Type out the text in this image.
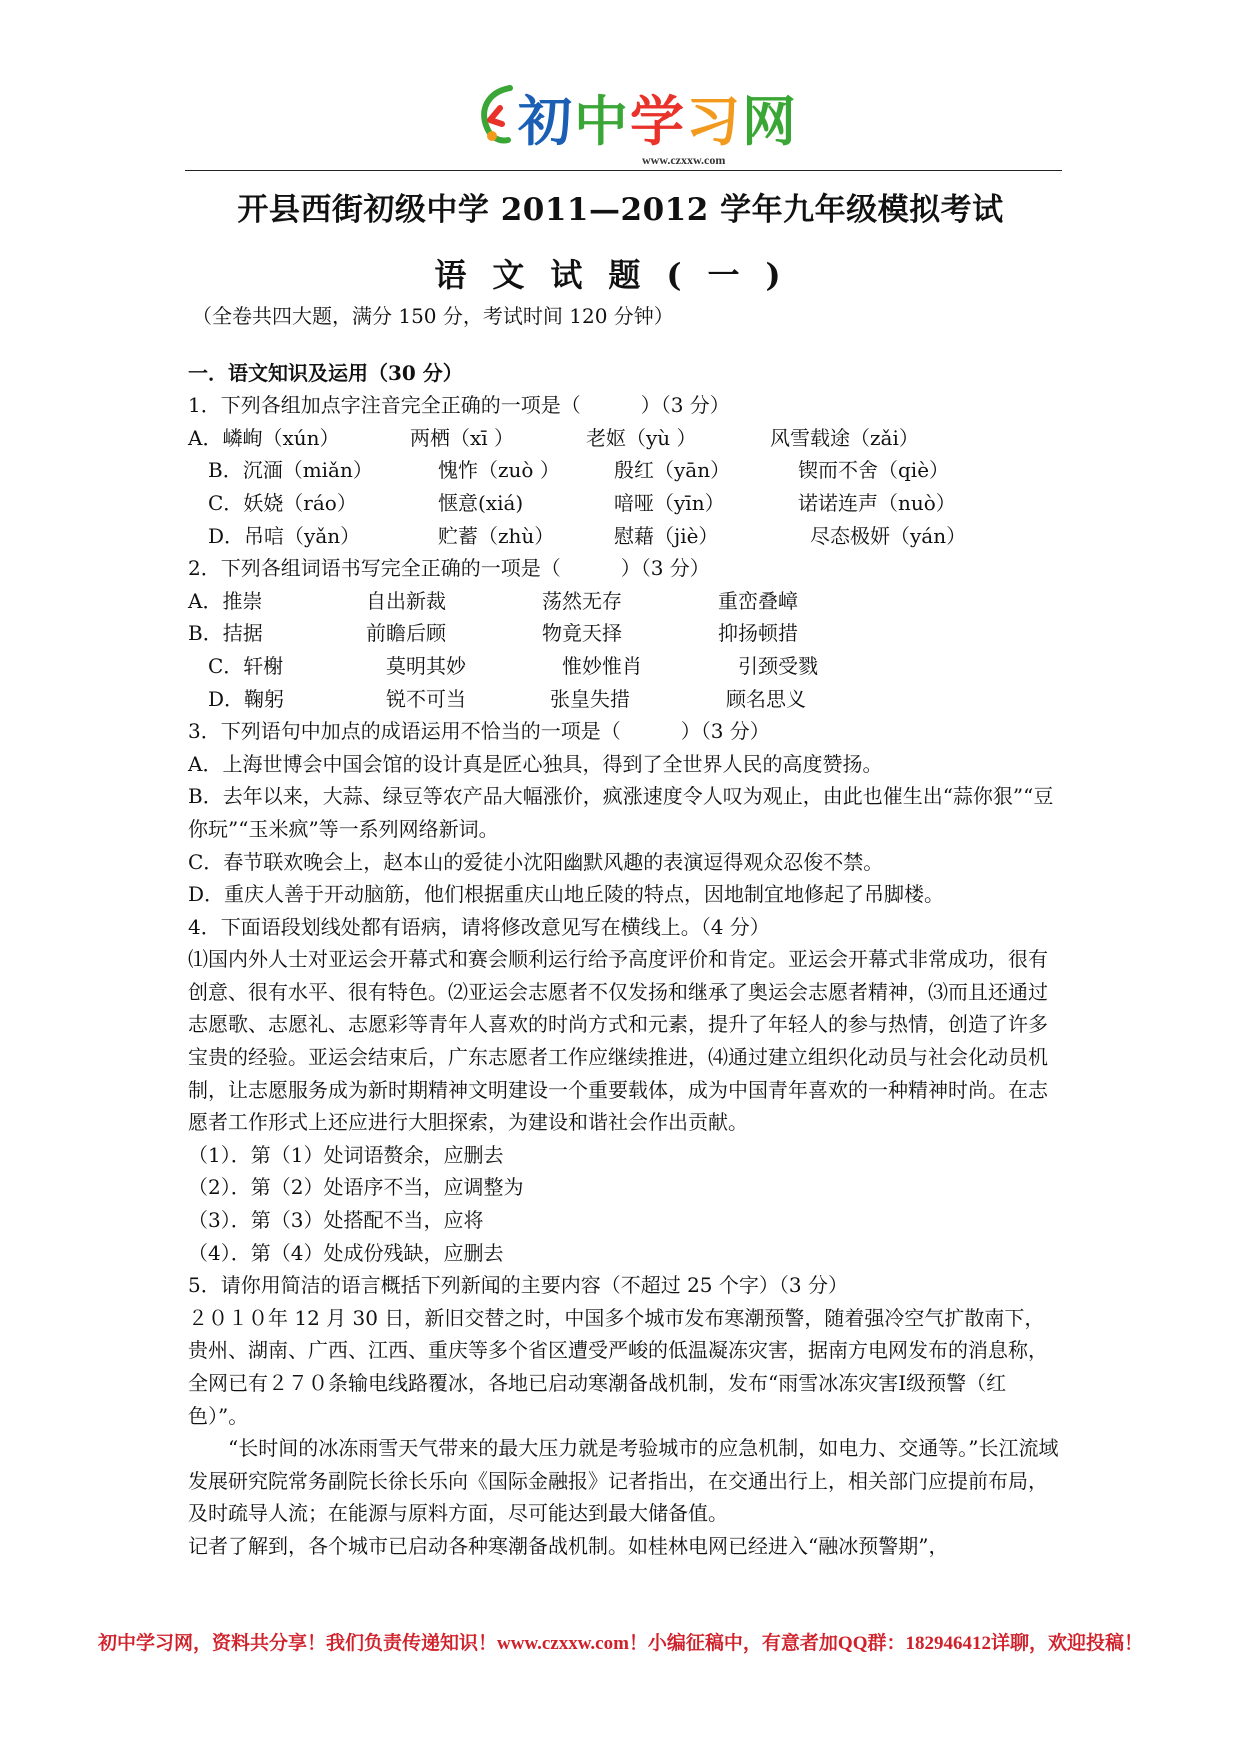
初 中 学 习 网
www.czxxw.com
开县西街初级中学 2011—2012 学年九年级模拟考试
语文试题(一)
（全卷共四大题，满分 150 分，考试时间 120 分钟）
一．语文知识及运用（30 分）
1．下列各组加点字注音完全正确的一项是（　　　）（3 分）
A．嶙峋（xún）	两栖（xī ）	老妪（yù ）	风雪载途（zǎi）
B．沉湎（miǎn）	愧怍（zuò ）	殷红（yān）	锲而不舍（qiè）
C．妖娆（ráo）	惬意(xiá)	喑哑（yīn）	诺诺连声（nuò）
D．吊唁（yǎn）	贮蓄（zhù）	慰藉（jiè）	尽态极妍（yán）
2．下列各组词语书写完全正确的一项是（　　　）（3 分）
A．推崇	自出新裁	荡然无存	重峦叠嶂
B．拮据	前瞻后顾	物竟天择	抑扬顿措
C．轩榭	莫明其妙	惟妙惟肖	引颈受戮
D．鞠躬	锐不可当	张皇失措	顾名思义
3．下列语句中加点的成语运用不恰当的一项是（　　　）（3 分）
A．上海世博会中国会馆的设计真是匠心独具，得到了全世界人民的高度赞扬。
B．去年以来，大蒜、绿豆等农产品大幅涨价，疯涨速度令人叹为观止，由此也催生出“蒜你狠”“豆你玩”“玉米疯”等一系列网络新词。
C．春节联欢晚会上，赵本山的爱徒小沈阳幽默风趣的表演逗得观众忍俊不禁。
D．重庆人善于开动脑筋，他们根据重庆山地丘陵的特点，因地制宜地修起了吊脚楼。
4．下面语段划线处都有语病，请将修改意见写在横线上。（4 分）
⑴国内外人士对亚运会开幕式和赛会顺利运行给予高度评价和肯定。亚运会开幕式非常成功，很有创意、很有水平、很有特色。⑵亚运会志愿者不仅发扬和继承了奥运会志愿者精神，⑶而且还通过志愿歌、志愿礼、志愿彩等青年人喜欢的时尚方式和元素，提升了年轻人的参与热情，创造了许多宝贵的经验。亚运会结束后，广东志愿者工作应继续推进，⑷通过建立组织化动员与社会化动员机制，让志愿服务成为新时期精神文明建设一个重要载体，成为中国青年喜欢的一种精神时尚。在志愿者工作形式上还应进行大胆探索，为建设和谐社会作出贡献。
（1）．第（1）处词语赘余，应删去
（2）．第（2）处语序不当，应调整为
（3）．第（3）处搭配不当，应将
（4）．第（4）处成份残缺，应删去
5．请你用简洁的语言概括下列新闻的主要内容（不超过 25 个字）（3 分）
２０１０年 12 月 30 日，新旧交替之时，中国多个城市发布寒潮预警，随着强冷空气扩散南下，贵州、湖南、广西、江西、重庆等多个省区遭受严峻的低温凝冻灾害，据南方电网发布的消息称，全网已有２７０条输电线路覆冰，各地已启动寒潮备战机制，发布“雨雪冰冻灾害Ⅰ级预警（红色）”。
“长时间的冰冻雨雪天气带来的最大压力就是考验城市的应急机制，如电力、交通等。”长江流域发展研究院常务副院长徐长乐向《国际金融报》记者指出，在交通出行上，相关部门应提前布局，及时疏导人流；在能源与原料方面，尽可能达到最大储备值。
记者了解到，各个城市已启动各种寒潮备战机制。如桂林电网已经进入“融冰预警期”，
初中学习网，资料共分享！我们负责传递知识！www.czxxw.com！小编征稿中，有意者加QQ群：182946412详聊，欢迎投稿！
